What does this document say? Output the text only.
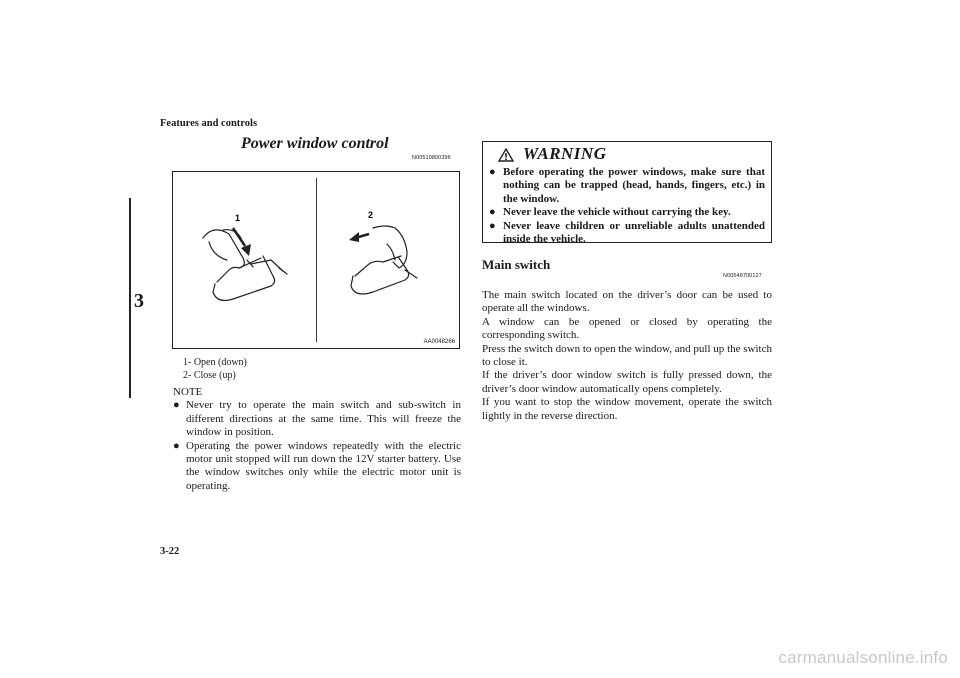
Features and controls
3
Power window control
N00510800396
1	2
AA0048266
1- Open (down)
2- Close (up)
NOTE
● Never try to operate the main switch and sub-switch in different directions at the same time. This will freeze the window in position.
● Operating the power windows repeatedly with the electric motor unit stopped will run down the 12V starter battery. Use the window switches only while the electric motor unit is operating.
WARNING
● Before operating the power windows, make sure that nothing can be trapped (head, hands, fingers, etc.) in the window.
● Never leave the vehicle without carrying the key.
● Never leave children or unreliable adults unattended inside the vehicle.
Main switch
N00548700127

The main switch located on the driver’s door can be used to operate all the windows.

A window can be opened or closed by operating the corresponding switch.

Press the switch down to open the window, and pull up the switch to close it.

If the driver’s door window switch is fully pressed down, the driver’s door window automatically opens completely.

If you want to stop the window movement, operate the switch lightly in the reverse direction.

3-22
carmanualsonline.info
